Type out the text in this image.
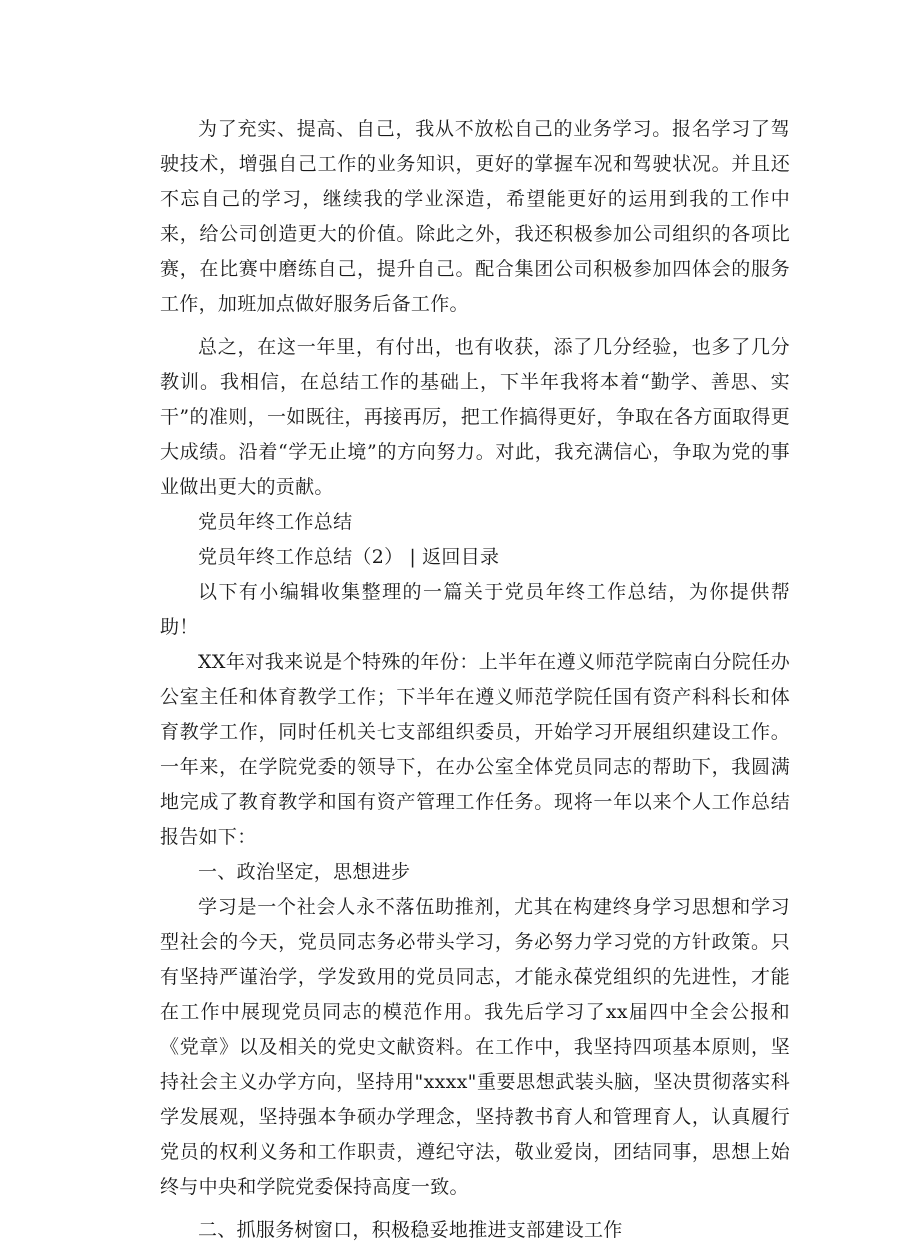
为了充实、提高、自己，我从不放松自己的业务学习。报名学习了驾驶技术，增强自己工作的业务知识，更好的掌握车况和驾驶状况。并且还不忘自己的学习，继续我的学业深造，希望能更好的运用到我的工作中来，给公司创造更大的价值。除此之外，我还积极参加公司组织的各项比赛，在比赛中磨练自己，提升自己。配合集团公司积极参加四体会的服务工作，加班加点做好服务后备工作。

总之，在这一年里，有付出，也有收获，添了几分经验，也多了几分教训。我相信，在总结工作的基础上，下半年我将本着“勤学、善思、实干”的准则，一如既往，再接再厉，把工作搞得更好，争取在各方面取得更大成绩。沿着“学无止境”的方向努力。对此，我充满信心，争取为党的事业做出更大的贡献。

党员年终工作总结

党员年终工作总结（2） | 返回目录

以下有小编辑收集整理的一篇关于党员年终工作总结，为你提供帮助！

XX年对我来说是个特殊的年份：上半年在遵义师范学院南白分院任办公室主任和体育教学工作；下半年在遵义师范学院任国有资产科科长和体育教学工作，同时任机关七支部组织委员，开始学习开展组织建设工作。一年来，在学院党委的领导下，在办公室全体党员同志的帮助下，我圆满地完成了教育教学和国有资产管理工作任务。现将一年以来个人工作总结报告如下：

一、政治坚定，思想进步

学习是一个社会人永不落伍助推剂，尤其在构建终身学习思想和学习型社会的今天，党员同志务必带头学习，务必努力学习党的方针政策。只有坚持严谨治学，学发致用的党员同志，才能永葆党组织的先进性，才能在工作中展现党员同志的模范作用。我先后学习了xx届四中全会公报和《党章》以及相关的党史文献资料。在工作中，我坚持四项基本原则，坚持社会主义办学方向，坚持用"xxxx"重要思想武装头脑，坚决贯彻落实科学发展观，坚持强本争硕办学理念，坚持教书育人和管理育人，认真履行党员的权利义务和工作职责，遵纪守法，敬业爱岗，团结同事，思想上始终与中央和学院党委保持高度一致。

二、抓服务树窗口，积极稳妥地推进支部建设工作
